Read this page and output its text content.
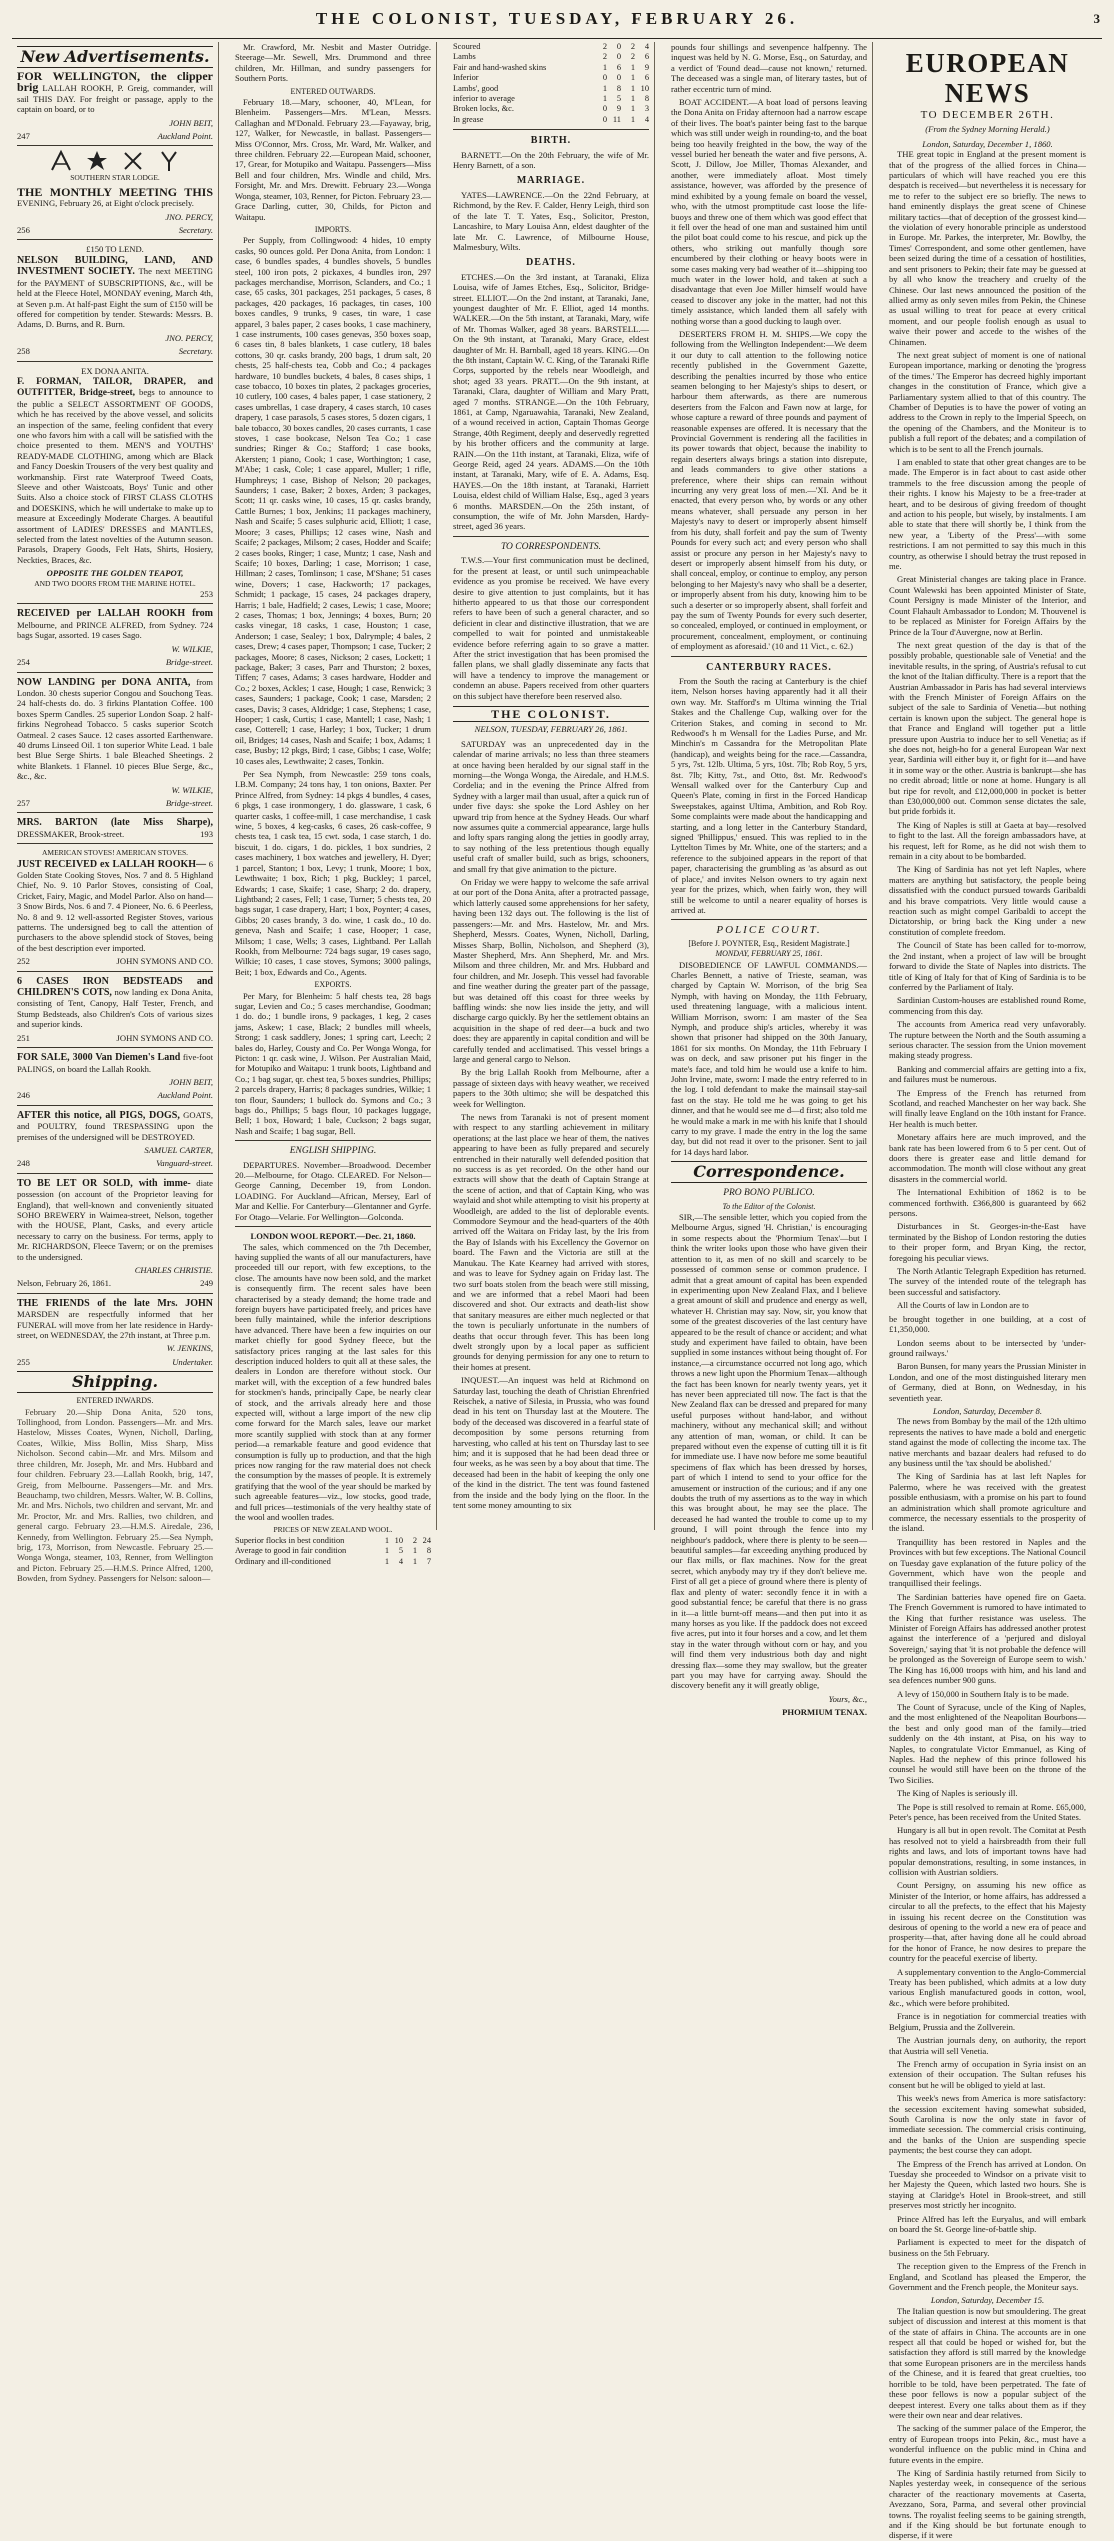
THE COLONIST, TUESDAY, FEBRUARY 26.	3
New Advertisements.

FOR WELLINGTON, the clipper brig LALLAH ROOKH, P. Greig, commander, will sail THIS DAY. For freight or passage, apply to the captain on board, or to

JOHN BEIT,
247	Auckland Point.
SOUTHERN STAR LODGE.

THE MONTHLY MEETING THIS EVENING, February 26, at Eight o'clock precisely.

JNO. PERCY,
256	Secretary.
£150 TO LEND.

NELSON BUILDING, LAND, AND INVESTMENT SOCIETY. The next MEETING for the PAYMENT of SUBSCRIPTIONS, &c., will be held at the Fleece Hotel, MONDAY evening, March 4th, at Seven p.m. At half-past Eight the sum of £150 will be offered for competition by tender. Stewards: Messrs. B. Adams, D. Burns, and R. Burn.

JNO. PERCY,
258	Secretary.
EX DONA ANITA.

F. FORMAN, TAILOR, DRAPER, and OUTFITTER, Bridge-street, begs to announce to the public a SELECT ASSORTMENT OF GOODS, which he has received by the above vessel, and solicits an inspection of the same, feeling confident that every one who favors him with a call will be satisfied with the choice presented to them. MEN'S and YOUTHS' READY-MADE CLOTHING, among which are Black and Fancy Doeskin Trousers of the very best quality and workmanship. First rate Waterproof Tweed Coats, Sleeve and other Waistcoats, Boys' Tunic and other Suits. Also a choice stock of FIRST CLASS CLOTHS and DOESKINS, which he will undertake to make up to measure at Exceedingly Moderate Charges. A beautiful assortment of LADIES' DRESSES and MANTLES, selected from the latest novelties of the Autumn season. Parasols, Drapery Goods, Felt Hats, Shirts, Hosiery, Neckties, Braces, &c.

OPPOSITE THE GOLDEN TEAPOT,
AND TWO DOORS FROM THE MARINE HOTEL.
253

RECEIVED per LALLAH ROOKH from Melbourne, and PRINCE ALFRED, from Sydney. 724 bags Sugar, assorted. 19 cases Sago.

W. WILKIE,
254	Bridge-street.

NOW LANDING per DONA ANITA, from London. 30 chests superior Congou and Souchong Teas. 24 half-chests do. do. 3 firkins Plantation Coffee. 100 boxes Sperm Candles. 25 superior London Soap. 2 half-firkins Negrohead Tobacco. 5 casks superior Scotch Oatmeal. 2 cases Sauce. 12 cases assorted Earthenware. 40 drums Linseed Oil. 1 ton superior White Lead. 1 bale best Blue Serge Shirts. 1 bale Bleached Sheetings. 2 white Blankets. 1 Flannel. 10 pieces Blue Serge, &c., &c., &c.

W. WILKIE,
257	Bridge-street.

MRS. BARTON (late Miss Sharpe), DRESSMAKER, Brook-street.	193

AMERICAN STOVES! AMERICAN STOVES.

JUST RECEIVED ex LALLAH ROOKH— 6 Golden State Cooking Stoves, Nos. 7 and 8. 5 Highland Chief, No. 9. 10 Parlor Stoves, consisting of Coal, Cricket, Fairy, Magic, and Model Parlor. Also on hand— 3 Snow Birds, Nos. 6 and 7. 4 Pioneer, No. 6. 6 Peerless, No. 8 and 9. 12 well-assorted Register Stoves, various patterns. The undersigned beg to call the attention of purchasers to the above splendid stock of Stoves, being of the best description ever imported.

252	JOHN SYMONS AND CO.

6 CASES IRON BEDSTEADS and CHILDREN'S COTS, now landing ex Dona Anita, consisting of Tent, Canopy, Half Tester, French, and Stump Bedsteads, also Children's Cots of various sizes and superior kinds.

251	JOHN SYMONS AND CO.

FOR SALE, 3000 Van Diemen's Land five-foot PALINGS, on board the Lallah Rookh.

JOHN BEIT,
246	Auckland Point.

AFTER this notice, all PIGS, DOGS, GOATS, and POULTRY, found TRESPASSING upon the premises of the undersigned will be DESTROYED.

SAMUEL CARTER,
248	Vanguard-street.

TO BE LET OR SOLD, with imme- diate possession (on account of the Proprietor leaving for England), that well-known and conveniently situated SOHO BREWERY in Waimea-street, Nelson, together with the HOUSE, Plant, Casks, and every article necessary to carry on the business. For terms, apply to Mr. RICHARDSON, Fleece Tavern; or on the premises to the undersigned.

CHARLES CHRISTIE.
Nelson, February 26, 1861.	249

THE FRIENDS of the late Mrs. JOHN MARSDEN are respectfully informed that her FUNERAL will move from her late residence in Hardy-street, on WEDNESDAY, the 27th instant, at Three p.m.

W. JENKINS,
255	Undertaker.
Shipping.
ENTERED INWARDS.

February 20.—Ship Dona Anita, 520 tons, Tollinghood, from London. Passengers—Mr. and Mrs. Hastelow, Misses Coates, Wynen, Nicholl, Darling, Coates, Wilkie, Miss Bollin, Miss Sharp, Miss Nicholson. Second cabin—Mr. and Mrs. Milsom and three children, Mr. Joseph, Mr. and Mrs. Hubbard and four children. February 23.—Lallah Rookh, brig, 147, Greig, from Melbourne. Passengers—Mr. and Mrs. Beauchamp, two children, Messrs. Walter, W. B. Collins, Mr. and Mrs. Nichols, two children and servant, Mr. and Mr. Proctor, Mr. and Mrs. Rallies, two children, and general cargo. February 23.—H.M.S. Airedale, 236, Kennedy, from Wellington. February 25.—Sea Nymph, brig, 173, Morrison, from Newcastle. February 25.—Wonga Wonga, steamer, 103, Renner, from Wellington and Picton. February 25.—H.M.S. Prince Alfred, 1200, Bowden, from Sydney. Passengers for Nelson: saloon—

Mr. Crawford, Mr. Nesbit and Master Outridge. Steerage—Mr. Sewell, Mrs. Drummond and three children, Mr. Hillman, and sundry passengers for Southern Ports.

ENTERED OUTWARDS.

February 18.—Mary, schooner, 40, M'Lean, for Blenheim. Passengers—Mrs. M'Lean, Messrs. Callaghan and M'Donald. February 23.—Fayaway, brig, 127, Walker, for Newcastle, in ballast. Passengers—Miss O'Connor, Mrs. Cross, Mr. Ward, Mr. Walker, and three children. February 22.—European Maid, schooner, 17, Grear, for Motupiko and Waitapu. Passengers—Miss Bell and four children, Mrs. Windle and child, Mrs. Forsight, Mr. and Mrs. Drewitt. February 23.—Wonga Wonga, steamer, 103, Renner, for Picton. February 23.—Grace Darling, cutter, 30, Childs, for Picton and Waitapu.

IMPORTS.

Per Supply, from Collingwood: 4 hides, 10 empty casks, 90 ounces gold. Per Dona Anita, from London: 1 case, 6 bundles spades, 4 bundles shovels, 5 bundles steel, 100 iron pots, 2 pickaxes, 4 bundles iron, 297 packages merchandise, Morrison, Sclanders, and Co.; 1 case, 65 casks, 301 packages, 251 packages, 5 cases, 8 packages, 420 packages, 16 packages, tin cases, 100 boxes candles, 9 trunks, 9 cases, tin ware, 1 case apparel, 3 bales paper, 2 cases books, 1 case machinery, 1 case instruments, 100 cases genevas, 350 boxes soap, 6 cases tin, 8 bales blankets, 1 case cutlery, 18 bales cottons, 30 qr. casks brandy, 200 bags, 1 drum salt, 20 chests, 25 half-chests tea, Cobb and Co.; 4 packages hardware, 10 bundles buckets, 4 bales, 8 cases ships, 1 case tobacco, 10 boxes tin plates, 2 packages groceries, 10 cutlery, 100 cases, 4 bales paper, 1 case stationery, 2 cases umbrellas, 1 case drapery, 4 cases starch, 10 cases drapery, 1 case parasols, 5 cases stores, 5 dozen cigars, 1 bale tobacco, 30 boxes candles, 20 cases currants, 1 case stoves, 1 case bookcase, Nelson Tea Co.; 1 case sundries; Ringer & Co.; Stafford; 1 case books, Akersten; 1 piano, Cook; 1 case, Worthington; 1 case, M'Abe; 1 cask, Cole; 1 case apparel, Muller; 1 rifle, Humphreys; 1 case, Bishop of Nelson; 20 packages, Saunders; 1 case, Baker; 2 boxes, Arden; 3 packages, Scott; 11 qr. casks wine, 10 cases, 15 qr. casks brandy, Cattle Burnes; 1 box, Jenkins; 11 packages machinery, Nash and Scaife; 5 cases sulphuric acid, Elliott; 1 case, Moore; 3 cases, Phillips; 12 cases wine, Nash and Scaife; 2 packages, Milsom; 2 cases, Hodder and Scaife; 2 cases books, Ringer; 1 case, Muntz; 1 case, Nash and Scaife; 10 boxes, Darling; 1 case, Morrison; 1 case, Hillman; 2 cases, Tomlinson; 1 case, M'Shane; 51 cases wine, Dovers; 1 case, Hackworth; 17 packages, Schmidt; 1 package, 15 cases, 24 packages drapery, Harris; 1 bale, Hadfield; 2 cases, Lewis; 1 case, Moore; 2 cases, Thomas; 1 box, Jennings; 4 boxes, Burn; 20 casks vinegar, 18 casks, 1 case, Houston; 1 case, Anderson; 1 case, Sealey; 1 box, Dalrymple; 4 bales, 2 cases, Drew; 4 cases paper, Thompson; 1 case, Tucker; 2 packages, Moore; 8 cases, Nickson; 2 cases, Lockett; 1 package, Baker; 3 cases, Parr and Thurston; 2 boxes, Tiffen; 7 cases, Adams; 3 cases hardware, Hodder and Co.; 2 boxes, Ackles; 1 case, Hough; 1 case, Renwick; 3 cases, Saunders; 1 package, Cook; 1 case, Marsden; 2 cases, Davis; 3 cases, Aldridge; 1 case, Stephens; 1 case, Hooper; 1 cask, Curtis; 1 case, Mantell; 1 case, Nash; 1 case, Cotterell; 1 case, Harley; 1 box, Tucker; 1 drum oil, Bridges; 14 cases, Nash and Scaife; 1 box, Adams; 1 case, Busby; 12 pkgs, Bird; 1 case, Gibbs; 1 case, Wolfe; 10 cases ales, Lewthwaite; 2 cases, Tonkin.

Per Sea Nymph, from Newcastle: 259 tons coals, I.B.M. Company; 24 tons hay, 1 ton onions, Baxter. Per Prince Alfred, from Sydney: 14 pkgs 4 bundles, 4 cases, 6 pkgs, 1 case ironmongery, 1 do. glassware, 1 cask, 6 quarter casks, 1 coffee-mill, 1 case merchandise, 1 cask wine, 5 boxes, 4 keg-casks, 6 cases, 26 cask-coffee, 9 chests tea, 1 cask tea, 15 cwt. soda, 1 case starch, 1 do. biscuit, 1 do. cigars, 1 do. pickles, 1 box sundries, 2 cases machinery, 1 box watches and jewellery, H. Dyer; 1 parcel, Stanton; 1 box, Levy; 1 trunk, Moore; 1 box, Lewthwaite; 1 box, Rich; 1 pkg, Buckley; 1 parcel, Edwards; 1 case, Skaife; 1 case, Sharp; 2 do. drapery, Lightband; 2 cases, Fell; 1 case, Turner; 5 chests tea, 20 bags sugar, 1 case drapery, Hart; 1 box, Poynter; 4 cases, Gibbs; 20 cases brandy, 3 do. wine, 1 cask do., 10 do. geneva, Nash and Scaife; 1 case, Hooper; 1 case, Milsom; 1 case, Wells; 3 cases, Lightband. Per Lallah Rookh, from Melbourne: 724 bags sugar, 19 cases sago, Wilkie; 10 cases, 1 case stoves, Symons; 3000 palings, Beit; 1 box, Edwards and Co., Agents.

EXPORTS.

Per Mary, for Blenheim: 5 half chests tea, 28 bags sugar, Levien and Co.; 5 cases merchandise, Goodman; 1 do. do.; 1 bundle irons, 9 packages, 1 keg, 2 cases jams, Askew; 1 case, Black; 2 bundles mill wheels, Strong; 1 cask saddlery, Jones; 1 spring cart, Leech; 2 bales do, Harley, Cousty and Co. Per Wonga Wonga, for Picton: 1 qr. cask wine, J. Wilson. Per Australian Maid, for Motupiko and Waitapu: 1 trunk boots, Lightband and Co.; 1 bag sugar, qr. chest tea, 5 boxes sundries, Phillips; 2 parcels drapery, Harris; 8 packages sundries, Wilkie; 1 ton flour, Saunders; 1 bullock do. Symons and Co.; 3 bags do., Phillips; 5 bags flour, 10 packages luggage, Bell; 1 box, Howard; 1 bale, Cuckson; 2 bags sugar, Nash and Scaife; 1 bag sugar, Bell.

ENGLISH SHIPPING.

DEPARTURES. November—Broadwood. December 20.—Melbourne, for Otago. CLEARED. For Nelson—George Canning, December 19, from London. LOADING. For Auckland—African, Mersey, Earl of Mar and Kellie. For Canterbury—Glentanner and Gyrfe. For Otago—Velarie. For Wellington—Golconda.

LONDON WOOL REPORT.—Dec. 21, 1860.

The sales, which commenced on the 7th December, having supplied the wants of all our manufacturers, have proceeded till our report, with few exceptions, to the close. The amounts have now been sold, and the market is consequently firm. The recent sales have been characterised by a steady demand; the home trade and foreign buyers have participated freely, and prices have been fully maintained, while the inferior descriptions have advanced. There have been a few inquiries on our market chiefly for good Sydney fleece, but the satisfactory prices ranging at the last sales for this description induced holders to quit all at these sales, the dealers in London are therefore without stock. Our market will, with the exception of a few hundred bales for stockmen's hands, principally Cape, be nearly clear of stock, and the arrivals already here and those expected will, without a large import of the new clip come forward for the March sales, leave our market more scantily supplied with stock than at any former period—a remarkable feature and good evidence that consumption is fully up to production, and that the high prices now ranging for the raw material does not check the consumption by the masses of people. It is extremely gratifying that the wool of the year should be marked by such agreeable features—viz., low stocks, good trade, and full prices—testimonials of the very healthy state of the wool and woollen trades.

PRICES OF NEW ZEALAND WOOL.
Superior flocks in best condition	1	10	2	24
Average to good in fair condition	1	5	1	8
Ordinary and ill-conditioned	1	4	1	7
Scoured	2	0	2	4
Lambs	2	0	2	6
Fair and hand-washed skins	1	6	1	9
Inferior	0	0	1	6
Lambs', good	1	8	1	10
inferior to average	1	5	1	8
Broken locks, &c.	0	9	1	3
In grease	0	11	1	4
BIRTH.

BARNETT.—On the 20th February, the wife of Mr. Henry Barnett, of a son.

MARRIAGE.

YATES—LAWRENCE.—On the 22nd February, at Richmond, by the Rev. F. Calder, Henry Leigh, third son of the late T. T. Yates, Esq., Solicitor, Preston, Lancashire, to Mary Louisa Ann, eldest daughter of the late Mr. C. Lawrence, of Milbourne House, Malmesbury, Wilts.

DEATHS.

ETCHES.—On the 3rd instant, at Taranaki, Eliza Louisa, wife of James Etches, Esq., Solicitor, Bridge-street. ELLIOT.—On the 2nd instant, at Taranaki, Jane, youngest daughter of Mr. F. Elliot, aged 14 months. WALKER.—On the 5th instant, at Taranaki, Mary, wife of Mr. Thomas Walker, aged 38 years. BARSTELL.—On the 9th instant, at Taranaki, Mary Grace, eldest daughter of Mr. H. Barnball, aged 18 years. KING.—On the 8th instant, Captain W. C. King, of the Taranaki Rifle Corps, supported by the rebels near Woodleigh, and shot; aged 33 years. PRATT.—On the 9th instant, at Taranaki, Clara, daughter of William and Mary Pratt, aged 7 months. STRANGE.—On the 10th February, 1861, at Camp, Ngaruawahia, Taranaki, New Zealand, of a wound received in action, Captain Thomas George Strange, 40th Regiment, deeply and deservedly regretted by his brother officers and the community at large. RAIN.—On the 11th instant, at Taranaki, Eliza, wife of George Reid, aged 24 years. ADAMS.—On the 10th instant, at Taranaki, Mary, wife of E. A. Adams, Esq. HAYES.—On the 18th instant, at Taranaki, Harriett Louisa, eldest child of William Halse, Esq., aged 3 years 6 months. MARSDEN.—On the 25th instant, of consumption, the wife of Mr. John Marsden, Hardy-street, aged 36 years.

TO CORRESPONDENTS.

T.W.S.—Your first communication must be declined, for the present at least, or until such unimpeachable evidence as you promise be received. We have every desire to give attention to just complaints, but it has hitherto appeared to us that those our correspondent refers to have been of such a general character, and so deficient in clear and distinctive illustration, that we are compelled to wait for pointed and unmistakeable evidence before referring again to so grave a matter. After the strict investigation that has been promised the fallen plans, we shall gladly disseminate any facts that will have a tendency to improve the management or condemn an abuse. Papers received from other quarters on this subject have therefore been reserved also.

THE COLONIST.
NELSON, TUESDAY, FEBRUARY 26, 1861.

SATURDAY was an unprecedented day in the calendar of marine arrivals; no less than three steamers at once having been heralded by our signal staff in the morning—the Wonga Wonga, the Airedale, and H.M.S. Cordelia; and in the evening the Prince Alfred from Sydney with a larger mail than usual, after a quick run of under five days: she spoke the Lord Ashley on her upward trip from hence at the Sydney Heads. Our wharf now assumes quite a commercial appearance, large hulls and lofty spars ranging along the jetties in goodly array, to say nothing of the less pretentious though equally useful craft of smaller build, such as brigs, schooners, and small fry that give animation to the picture.

On Friday we were happy to welcome the safe arrival at our port of the Dona Anita, after a protracted passage, which latterly caused some apprehensions for her safety, having been 132 days out. The following is the list of passengers:—Mr. and Mrs. Hastelow, Mr. and Mrs. Shepherd, Messrs. Coates, Wynen, Nicholl, Darling, Misses Sharp, Bollin, Nicholson, and Shepherd (3), Master Shepherd, Mrs. Ann Shepherd, Mr. and Mrs. Milsom and three children, Mr. and Mrs. Hubbard and four children, and Mr. Joseph. This vessel had favorable and fine weather during the greater part of the passage, but was detained off this coast for three weeks by baffling winds: she now lies inside the jetty, and will discharge cargo quickly. By her the settlement obtains an acquisition in the shape of red deer—a buck and two does: they are apparently in capital condition and will be carefully tended and acclimatised. This vessel brings a large and general cargo to Nelson.

By the brig Lallah Rookh from Melbourne, after a passage of sixteen days with heavy weather, we received papers to the 30th ultimo; she will be despatched this week for Wellington.

The news from Taranaki is not of present moment with respect to any startling achievement in military operations; at the last place we hear of them, the natives appearing to have been as fully prepared and securely entrenched in their naturally well defended position that no success is as yet recorded. On the other hand our extracts will show that the death of Captain Strange at the scene of action, and that of Captain King, who was waylaid and shot while attempting to visit his property at Woodleigh, are added to the list of deplorable events. Commodore Seymour and the head-quarters of the 40th arrived off the Waitara on Friday last, by the Iris from the Bay of Islands with his Excellency the Governor on board. The Fawn and the Victoria are still at the Manukau. The Kate Kearney had arrived with stores, and was to leave for Sydney again on Friday last. The two surf boats stolen from the beach were still missing, and we are informed that a rebel Maori had been discovered and shot. Our extracts and death-list show that sanitary measures are either much neglected or that the town is peculiarly unfortunate in the numbers of deaths that occur through fever. This has been long dwelt strongly upon by a local paper as sufficient grounds for denying permission for any one to return to their homes at present.

INQUEST.—An inquest was held at Richmond on Saturday last, touching the death of Christian Ehrenfried Reischek, a native of Silesia, in Prussia, who was found dead in his tent on Thursday last at the Moutere. The body of the deceased was discovered in a fearful state of decomposition by some persons returning from harvesting, who called at his tent on Thursday last to see him; and it is supposed that he had been dead three or four weeks, as he was seen by a boy about that time. The deceased had been in the habit of keeping the only one of the kind in the district. The tent was found fastened from the inside and the body lying on the floor. In the tent some money amounting to six

pounds four shillings and sevenpence halfpenny. The inquest was held by N. G. Morse, Esq., on Saturday, and a verdict of 'Found dead—cause not known,' returned. The deceased was a single man, of literary tastes, but of rather eccentric turn of mind.

BOAT ACCIDENT.—A boat load of persons leaving the Dona Anita on Friday afternoon had a narrow escape of their lives. The boat's painter being fast to the barque which was still under weigh in rounding-to, and the boat being too heavily freighted in the bow, the way of the vessel buried her beneath the water and five persons, A. Scott, J. Dillow, Joe Miller, Thomas Alexander, and another, were immediately afloat. Most timely assistance, however, was afforded by the presence of mind exhibited by a young female on board the vessel, who, with the utmost promptitude cast loose the life-buoys and threw one of them which was good effect that it fell over the head of one man and sustained him until the pilot boat could come to his rescue, and pick up the others, who striking out manfully though sore encumbered by their clothing or heavy boots were in some cases making very bad weather of it—shipping too much water in the lower hold, and taken at such a disadvantage that even Joe Miller himself would have ceased to discover any joke in the matter, had not this timely assistance, which landed them all safely with nothing worse than a good ducking to laugh over.

DESERTERS FROM H. M. SHIPS.—We copy the following from the Wellington Independent:—We deem it our duty to call attention to the following notice recently published in the Government Gazette, describing the penalties incurred by those who entice seamen belonging to her Majesty's ships to desert, or harbour them afterwards, as there are numerous deserters from the Falcon and Fawn now at large, for whose capture a reward of three pounds and payment of reasonable expenses are offered. It is necessary that the Provincial Government is rendering all the facilities in its power towards that object, because the inability to regain deserters always brings a station into disrepute, and leads commanders to give other stations a preference, where their ships can remain without incurring any very great loss of men.—'XI. And be it enacted, that every person who, by words or any other means whatever, shall persuade any person in her Majesty's navy to desert or improperly absent himself from his duty, shall forfeit and pay the sum of Twenty Pounds for every such act; and every person who shall assist or procure any person in her Majesty's navy to desert or improperly absent himself from his duty, or shall conceal, employ, or continue to employ, any person belonging to her Majesty's navy who shall be a deserter, or improperly absent from his duty, knowing him to be such a deserter or so improperly absent, shall forfeit and pay the sum of Twenty Pounds for every such deserter, so concealed, employed, or continued in employment, or procurement, concealment, employment, or continuing of employment as aforesaid.' (10 and 11 Vict., c. 62.)

CANTERBURY RACES.

From the South the racing at Canterbury is the chief item, Nelson horses having apparently had it all their own way. Mr. Stafford's m Ultima winning the Trial Stakes and the Challenge Cup, walking over for the Criterion Stakes, and coming in second to Mr. Redwood's h m Wensall for the Ladies Purse, and Mr. Minchin's m Cassandra for the Metropolitan Plate (handicap), and weights being for the race.—Cassandra, 5 yrs, 7st. 12lb. Ultima, 5 yrs, 10st. 7lb; Rob Roy, 5 yrs, 8st. 7lb; Kitty, 7st., and Otto, 8st. Mr. Redwood's Wensall walked over for the Canterbury Cup and Queen's Plate, coming in first in the Forced Handicap Sweepstakes, against Ultima, Ambition, and Rob Roy. Some complaints were made about the handicapping and starting, and a long letter in the Canterbury Standard, signed 'Phillippus,' ensued. This was replied to in the Lyttelton Times by Mr. White, one of the starters; and a reference to the subjoined appears in the report of that paper, characterising the grumbling as 'as absurd as out of place,' and invites Nelson owners to try again next year for the prizes, which, when fairly won, they will still be welcome to until a nearer equality of horses is arrived at.

POLICE COURT.
[Before J. POYNTER, Esq., Resident Magistrate.]
MONDAY, FEBRUARY 25, 1861.

DISOBEDIENCE OF LAWFUL COMMANDS.—Charles Bennett, a native of Trieste, seaman, was charged by Captain W. Morrison, of the brig Sea Nymph, with having on Monday, the 11th February, used threatening language, with a malicious intent. William Morrison, sworn: I am master of the Sea Nymph, and produce ship's articles, whereby it was shown that prisoner had shipped on the 30th January, 1861 for six months. On Monday, the 11th February I was on deck, and saw prisoner put his finger in the mate's face, and told him he would use a knife to him. John Irvine, mate, sworn: I made the entry referred to in the log. I told defendant to make the mainsail stay-sail fast on the stay. He told me he was going to get his dinner, and that he would see me d—d first; also told me he would make a mark in me with his knife that I should carry to my grave. I made the entry in the log the same day, but did not read it over to the prisoner. Sent to jail for 14 days hard labor.

Correspondence.
PRO BONO PUBLICO.
To the Editor of the Colonist.

SIR,—The sensible letter, which you copied from the Melbourne Argus, signed 'H. Christian,' is encouraging in some respects about the 'Phormium Tenax'—but I think the writer looks upon those who have given their attention to it, as men of no skill and scarcely to be possessed of common sense or common prudence. I admit that a great amount of capital has been expended in experimenting upon New Zealand Flax, and I believe a great amount of skill and prudence and energy as well, whatever H. Christian may say. Now, sir, you know that some of the greatest discoveries of the last century have appeared to be the result of chance or accident; and what study and experiment have failed to obtain, have been supplied in some instances without being thought of. For instance,—a circumstance occurred not long ago, which throws a new light upon the Phormium Tenax—although the fact has been known for nearly twenty years, yet it has never been appreciated till now. The fact is that the New Zealand flax can be dressed and prepared for many useful purposes without hand-labor, and without machinery, without any mechanical skill; and without any attention of man, woman, or child. It can be prepared without even the expense of cutting till it is fit for immediate use. I have now before me some beautiful specimens of flax which has been dressed by horses, part of which I intend to send to your office for the amusement or instruction of the curious; and if any one doubts the truth of my assertions as to the way in which this was brought about, he may see the place. The deceased he had wanted the trouble to come up to my ground, I will point through the fence into my neighbour's paddock, where there is plenty to be seen—beautiful samples—far exceeding anything produced by our flax mills, or flax machines. Now for the great secret, which anybody may try if they don't believe me. First of all get a piece of ground where there is plenty of flax and plenty of water: secondly fence it in with a good substantial fence; be careful that there is no grass in it—a little burnt-off means—and then put into it as many horses as you like. If the paddock does not exceed five acres, put into it four horses and a cow, and let them stay in the water through without corn or hay, and you will find them very industrious both day and night dressing flax—some they may swallow, but the greater part you may have for carrying away. Should the discovery benefit any it will greatly oblige,

Yours, &c.,
PHORMIUM TENAX.
EUROPEAN NEWS
TO DECEMBER 26TH.
(From the Sydney Morning Herald.)
London, Saturday, December 1, 1860.

THE great topic in England at the present moment is that of the progress of the allied forces in China—particulars of which will have reached you ere this despatch is received—but nevertheless it is necessary for me to refer to the subject ere so briefly. The news to hand eminently displays the great scene of Chinese military tactics—that of deception of the grossest kind—the violation of every honorable principle as understood in Europe. Mr. Parkes, the interpreter, Mr. Bowlby, the Times' Correspondent, and some other gentlemen, have been seized during the time of a cessation of hostilities, and sent prisoners to Pekin; their fate may be guessed at by all who know the treachery and cruelty of the Chinese. Our last news announced the position of the allied army as only seven miles from Pekin, the Chinese as usual willing to treat for peace at every critical moment, and our people foolish enough as usual to waive their power and accede to the wishes of the Chinamen.

The next great subject of moment is one of national European importance, marking or denoting the 'progress of the times.' The Emperor has decreed highly important changes in the constitution of France, which give a Parliamentary system allied to that of this country. The Chamber of Deputies is to have the power of voting an address to the Crown in reply to the Imperial Speech, on the opening of the Chambers, and the Moniteur is to publish a full report of the debates; and a compilation of which is to be sent to all the French journals.

I am enabled to state that other great changes are to be made. The Emperor is in fact about to cast aside other trammels to the free discussion among the people of their rights. I know his Majesty to be a free-trader at heart, and to be desirous of giving freedom of thought and action to his people, but wisely, by instalments. I am able to state that there will shortly be, I think from the new year, a 'Liberty of the Press'—with some restrictions. I am not permitted to say this much in this country, as otherwise I should betray the trust reposed in me.

Great Ministerial changes are taking place in France. Count Walewski has been appointed Minister of State, Count Persigny is made Minister of the Interior, and Count Flahault Ambassador to London; M. Thouvenel is to be replaced as Minister for Foreign Affairs by the Prince de la Tour d'Auvergne, now at Berlin.

The next great question of the day is that of the possibly probable, questionable sale of Venetia! and the inevitable results, in the spring, of Austria's refusal to cut the knot of the Italian difficulty. There is a report that the Austrian Ambassador in Paris has had several interviews with the French Minister of Foreign Affairs on the subject of the sale to Sardinia of Venetia—but nothing certain is known upon the subject. The general hope is that France and England will together put a little pressure upon Austria to induce her to sell Venetia; as if she does not, heigh-ho for a general European War next year, Sardinia will either buy it, or fight for it—and have it in some way or the other. Austria is bankrupt—she has no credit abroad; little or none at home. Hungary is all but ripe for revolt, and £12,000,000 in pocket is better than £30,000,000 out. Common sense dictates the sale, but pride forbids it.

The King of Naples is still at Gaeta at bay—resolved to fight to the last. All the foreign ambassadors have, at his request, left for Rome, as he did not wish them to remain in a city about to be bombarded.

The King of Sardinia has not yet left Naples, where matters are anything but satisfactory, the people being dissatisfied with the conduct pursued towards Garibaldi and his brave compatriots. Very little would cause a reaction such as might compel Garibaldi to accept the Dictatorship, or bring back the King under a new constitution of complete freedom.

The Council of State has been called for to-morrow, the 2nd instant, when a project of law will be brought forward to divide the State of Naples into districts. The title of King of Italy for that of King of Sardinia is to be conferred by the Parliament of Italy.

Sardinian Custom-houses are established round Rome, commencing from this day.

The accounts from America read very unfavorably. The rupture between the North and the South assuming a serious character. The session from the Union movement making steady progress.

Banking and commercial affairs are getting into a fix, and failures must be numerous.

The Empress of the French has returned from Scotland, and reached Manchester on her way back. She will finally leave England on the 10th instant for France. Her health is much better.

Monetary affairs here are much improved, and the bank rate has been lowered from 6 to 5 per cent. Out of doors there is greater ease and little demand for accommodation. The month will close without any great disasters in the commercial world.

The International Exhibition of 1862 is to be commenced forthwith. £366,800 is guaranteed by 662 persons.

Disturbances in St. Georges-in-the-East have terminated by the Bishop of London restoring the duties to their proper form, and Bryan King, the rector, foregoing his peculiar views.

The North Atlantic Telegraph Expedition has returned. The survey of the intended route of the telegraph has been successful and satisfactory.

All the Courts of law in London are to

be brought together in one building, at a cost of £1,350,000.

London seems about to be intersected by 'under-ground railways.'

Baron Bunsen, for many years the Prussian Minister in London, and one of the most distinguished literary men of Germany, died at Bonn, on Wednesday, in his seventieth year.

London, Saturday, December 8.

The news from Bombay by the mail of the 12th ultimo represents the natives to have made a bold and energetic stand against the mode of collecting the income tax. The native merchants and bazaar dealers had refused to do any business until the 'tax should be abolished.'

The King of Sardinia has at last left Naples for Palermo, where he was received with the greatest possible enthusiasm, with a promise on his part to found an administration which shall promote agriculture and commerce, the necessary essentials to the prosperity of the island.

Tranquillity has been restored in Naples and the Provinces with but few exceptions. The National Council on Tuesday gave explanation of the future policy of the Government, which have won the people and tranquillised their feelings.

The Sardinian batteries have opened fire on Gaeta. The French Government is rumored to have intimated to the King that further resistance was useless. The Minister of Foreign Affairs has addressed another protest against the interference of a 'perjured and disloyal Sovereign,' saying that 'it is not probable the defence will be prolonged as the Sovereign of Europe seem to wish.' The King has 16,000 troops with him, and his land and sea defences number 900 guns.

A levy of 150,000 in Southern Italy is to be made.

The Count of Syracuse, uncle of the King of Naples, and the most enlightened of the Neapolitan Bourbons—the best and only good man of the family—tried suddenly on the 4th instant, at Pisa, on his way to Naples, to congratulate Victor Emmanuel, as King of Naples. Had the nephew of this prince followed his counsel he would still have been on the throne of the Two Sicilies.

The King of Naples is seriously ill.

The Pope is still resolved to remain at Rome. £65,000, Peter's pence, has been received from the United States.

Hungary is all but in open revolt. The Comitat at Pesth has resolved not to yield a hairsbreadth from their full rights and laws, and lots of important towns have had popular demonstrations, resulting, in some instances, in collision with Austrian soldiers.

Count Persigny, on assuming his new office as Minister of the Interior, or home affairs, has addressed a circular to all the prefects, to the effect that his Majesty in issuing his recent decree on the Constitution was desirous of opening to the world a new era of peace and prosperity—that, after having done all he could abroad for the honor of France, he now desires to prepare the country for the peaceful exercise of liberty.

A supplementary convention to the Anglo-Commercial Treaty has been published, which admits at a low duty various English manufactured goods in cotton, wool, &c., which were before prohibited.

France is in negotiation for commercial treaties with Belgium, Prussia and the Zollverein.

The Austrian journals deny, on authority, the report that Austria will sell Venetia.

The French army of occupation in Syria insist on an extension of their occupation. The Sultan refuses his consent but he will be obliged to yield at last.

This week's news from America is more satisfactory: the secession excitement having somewhat subsided, South Carolina is now the only state in favor of immediate secession. The commercial crisis continuing, and the banks of the Union are suspending specie payments; the best course they can adopt.

The Empress of the French has arrived at London. On Tuesday she proceeded to Windsor on a private visit to her Majesty the Queen, which lasted two hours. She is staying at Claridge's Hotel in Brook-street, and still preserves most strictly her incognito.

Prince Alfred has left the Euryalus, and will embark on board the St. George line-of-battle ship.

Parliament is expected to meet for the dispatch of business on the 5th February.

The reception given to the Empress of the French in England, and Scotland has pleased the Emperor, the Government and the French people, the Moniteur says.

London, Saturday, December 15.

The Italian question is now but smouldering. The great subject of discussion and interest at this moment is that of the state of affairs in China. The accounts are in one respect all that could be hoped or wished for, but the satisfaction they afford is still marred by the knowledge that some European prisoners are in the merciless hands of the Chinese, and it is feared that great cruelties, too horrible to be told, have been perpetrated. The fate of these poor fellows is now a popular subject of the deepest interest. Every one talks about them as if they were their own near and dear relatives.

The sacking of the summer palace of the Emperor, the entry of European troops into Pekin, &c., must have a wonderful influence on the public mind in China and future events in the empire.

The King of Sardinia hastily returned from Sicily to Naples yesterday week, in consequence of the serious character of the reactionary movements at Caserta, Avezzano, Sora, Parma, and several other provincial towns. The royalist feeling seems to be gaining strength, and if the King should be but fortunate enough to disperse, if it were
